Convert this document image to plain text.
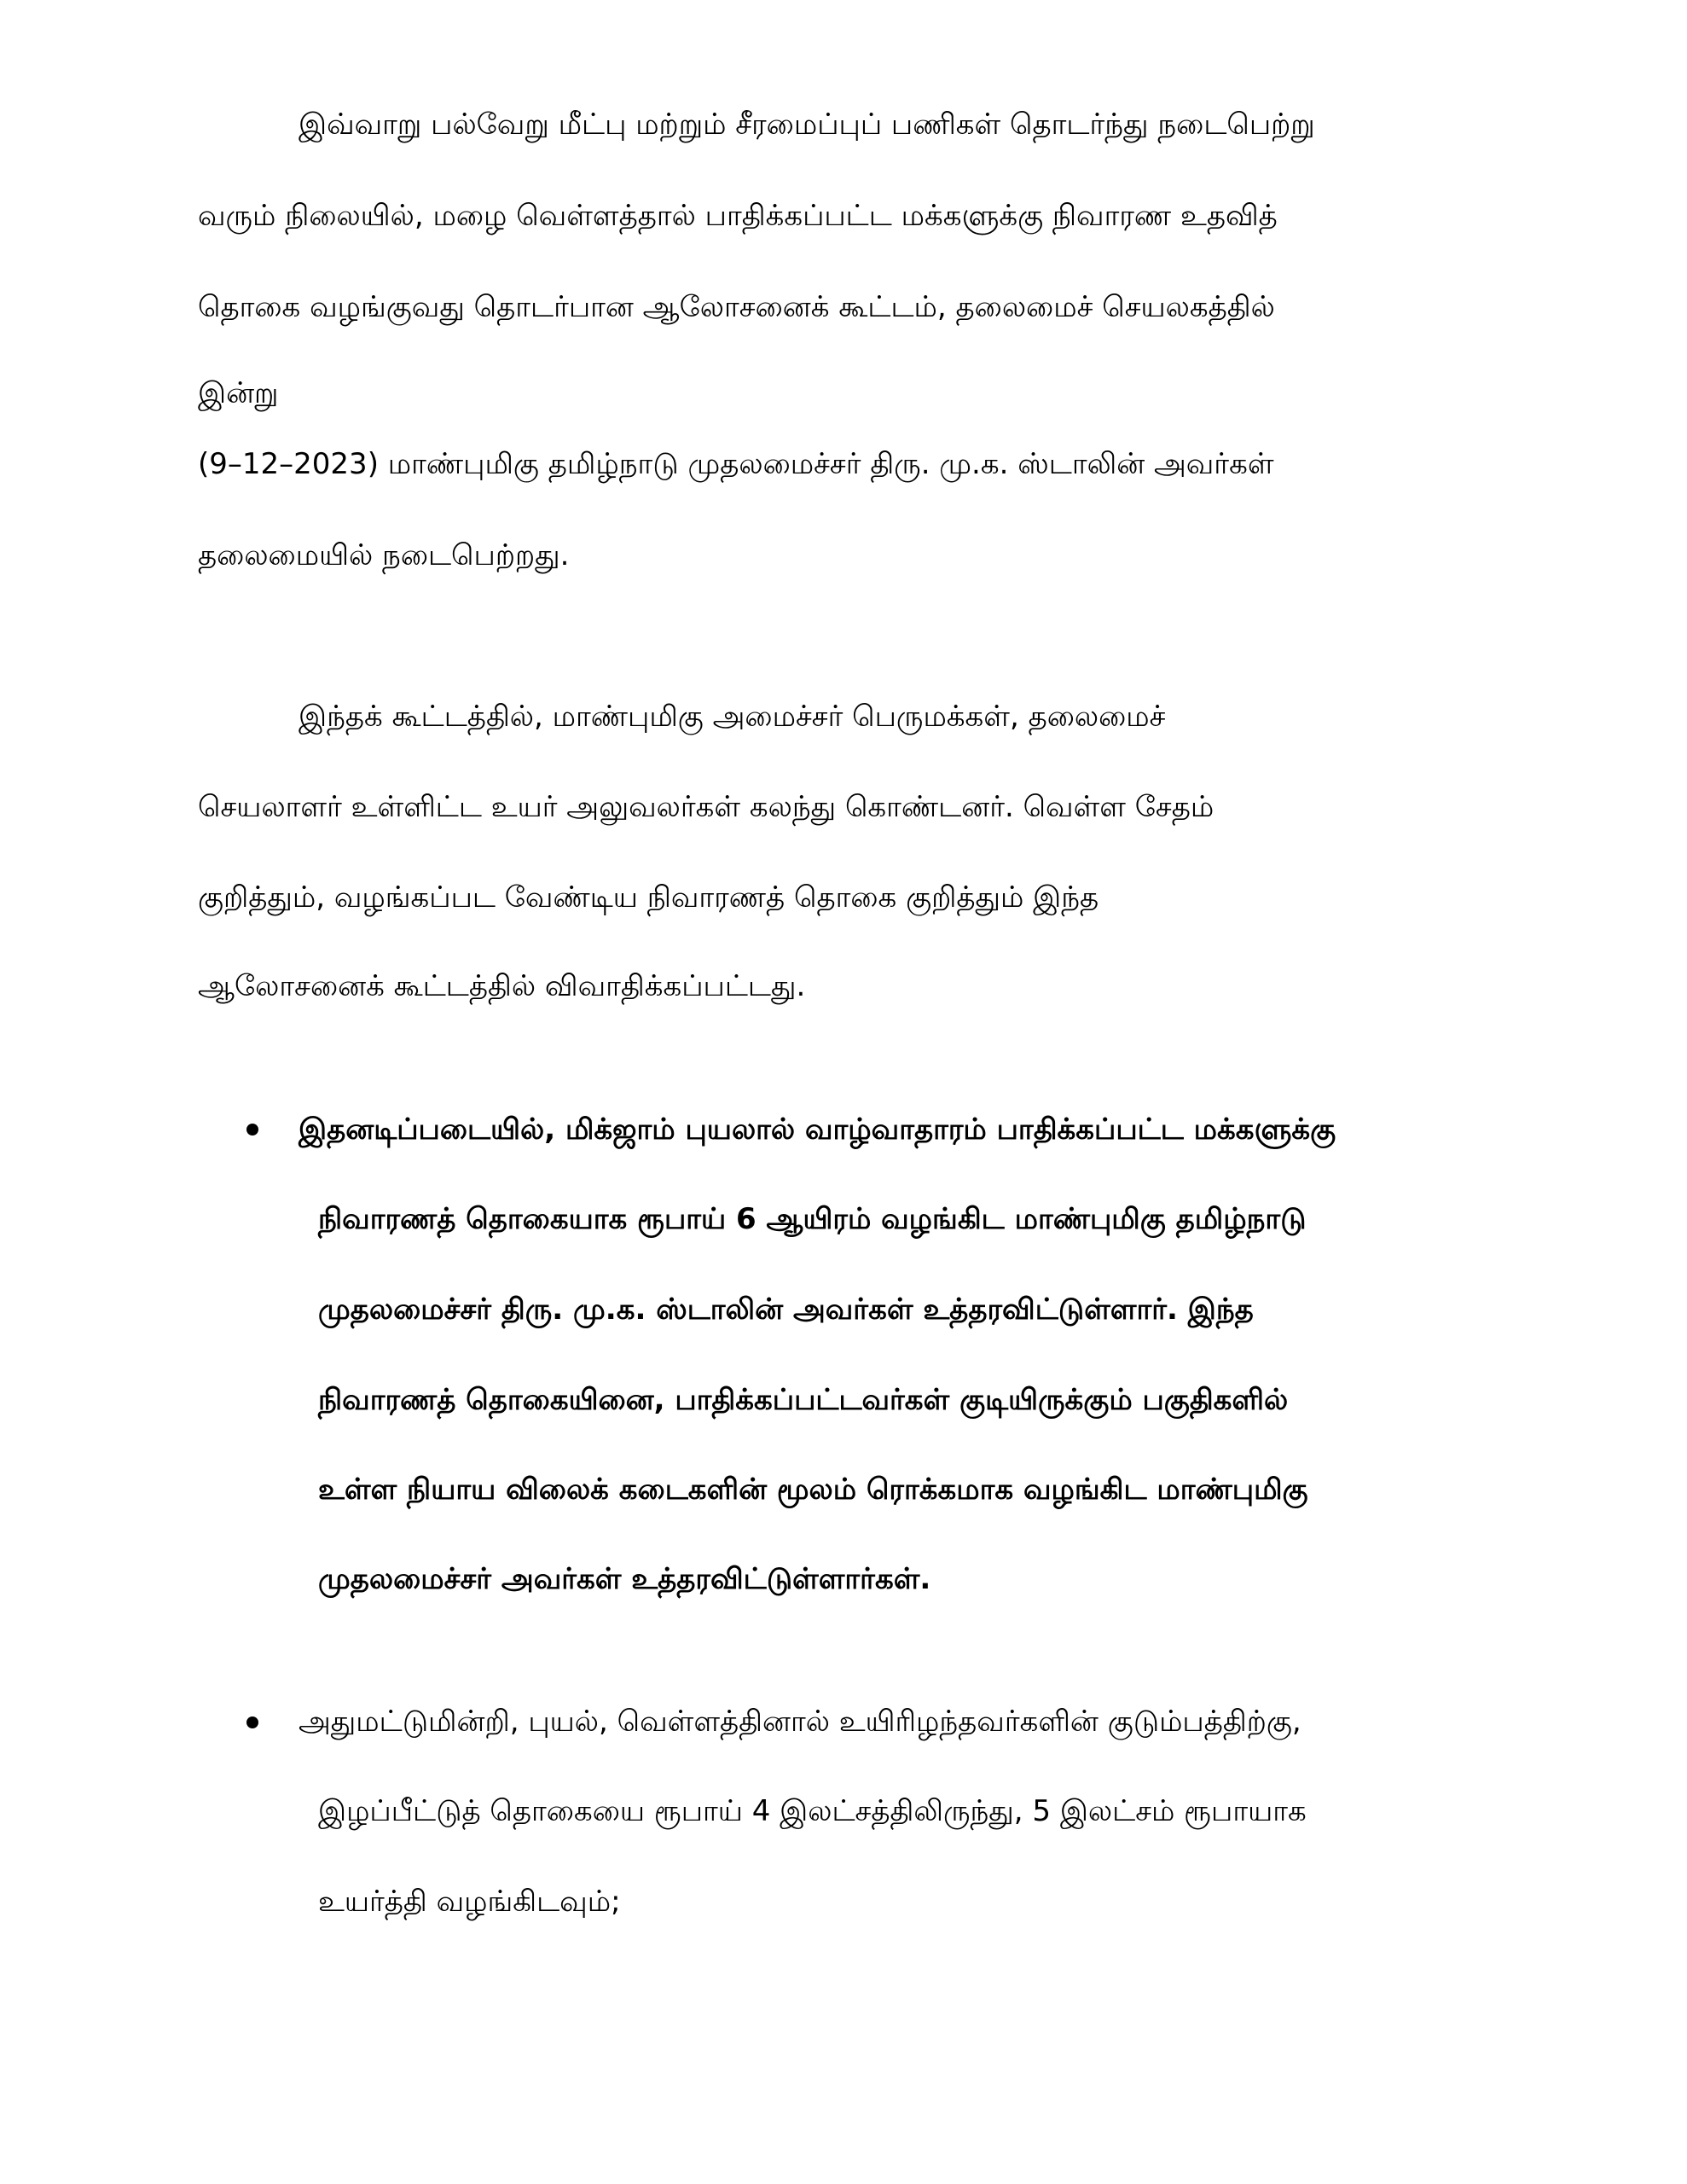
இவ்வாறு பல்வேறு மீட்பு மற்றும் சீரமைப்புப் பணிகள் தொடர்ந்து நடைபெற்று
வரும் நிலையில், மழை வெள்ளத்தால் பாதிக்கப்பட்ட மக்களுக்கு நிவாரண உதவித்
தொகை வழங்குவது தொடர்பான ஆலோசனைக் கூட்டம், தலைமைச் செயலகத்தில்
இன்று
(9–12–2023) மாண்புமிகு தமிழ்நாடு முதலமைச்சர் திரு. மு.க. ஸ்டாலின் அவர்கள்
தலைமையில் நடைபெற்றது.
இந்தக் கூட்டத்தில், மாண்புமிகு அமைச்சர் பெருமக்கள், தலைமைச்
செயலாளர் உள்ளிட்ட உயர் அலுவலர்கள் கலந்து கொண்டனர். வெள்ள சேதம்
குறித்தும், வழங்கப்பட வேண்டிய நிவாரணத் தொகை குறித்தும் இந்த
ஆலோசனைக் கூட்டத்தில் விவாதிக்கப்பட்டது.
இதனடிப்படையில், மிக்ஜாம் புயலால் வாழ்வாதாரம் பாதிக்கப்பட்ட மக்களுக்கு
நிவாரணத் தொகையாக ரூபாய் 6 ஆயிரம் வழங்கிட மாண்புமிகு தமிழ்நாடு
முதலமைச்சர் திரு. மு.க. ஸ்டாலின் அவர்கள் உத்தரவிட்டுள்ளார். இந்த
நிவாரணத் தொகையினை, பாதிக்கப்பட்டவர்கள் குடியிருக்கும் பகுதிகளில்
உள்ள நியாய விலைக் கடைகளின் மூலம் ரொக்கமாக வழங்கிட மாண்புமிகு
முதலமைச்சர் அவர்கள் உத்தரவிட்டுள்ளார்கள்.
அதுமட்டுமின்றி, புயல், வெள்ளத்தினால் உயிரிழந்தவர்களின் குடும்பத்திற்கு,
இழப்பீட்டுத் தொகையை ரூபாய் 4 இலட்சத்திலிருந்து, 5 இலட்சம் ரூபாயாக
உயர்த்தி வழங்கிடவும்;
